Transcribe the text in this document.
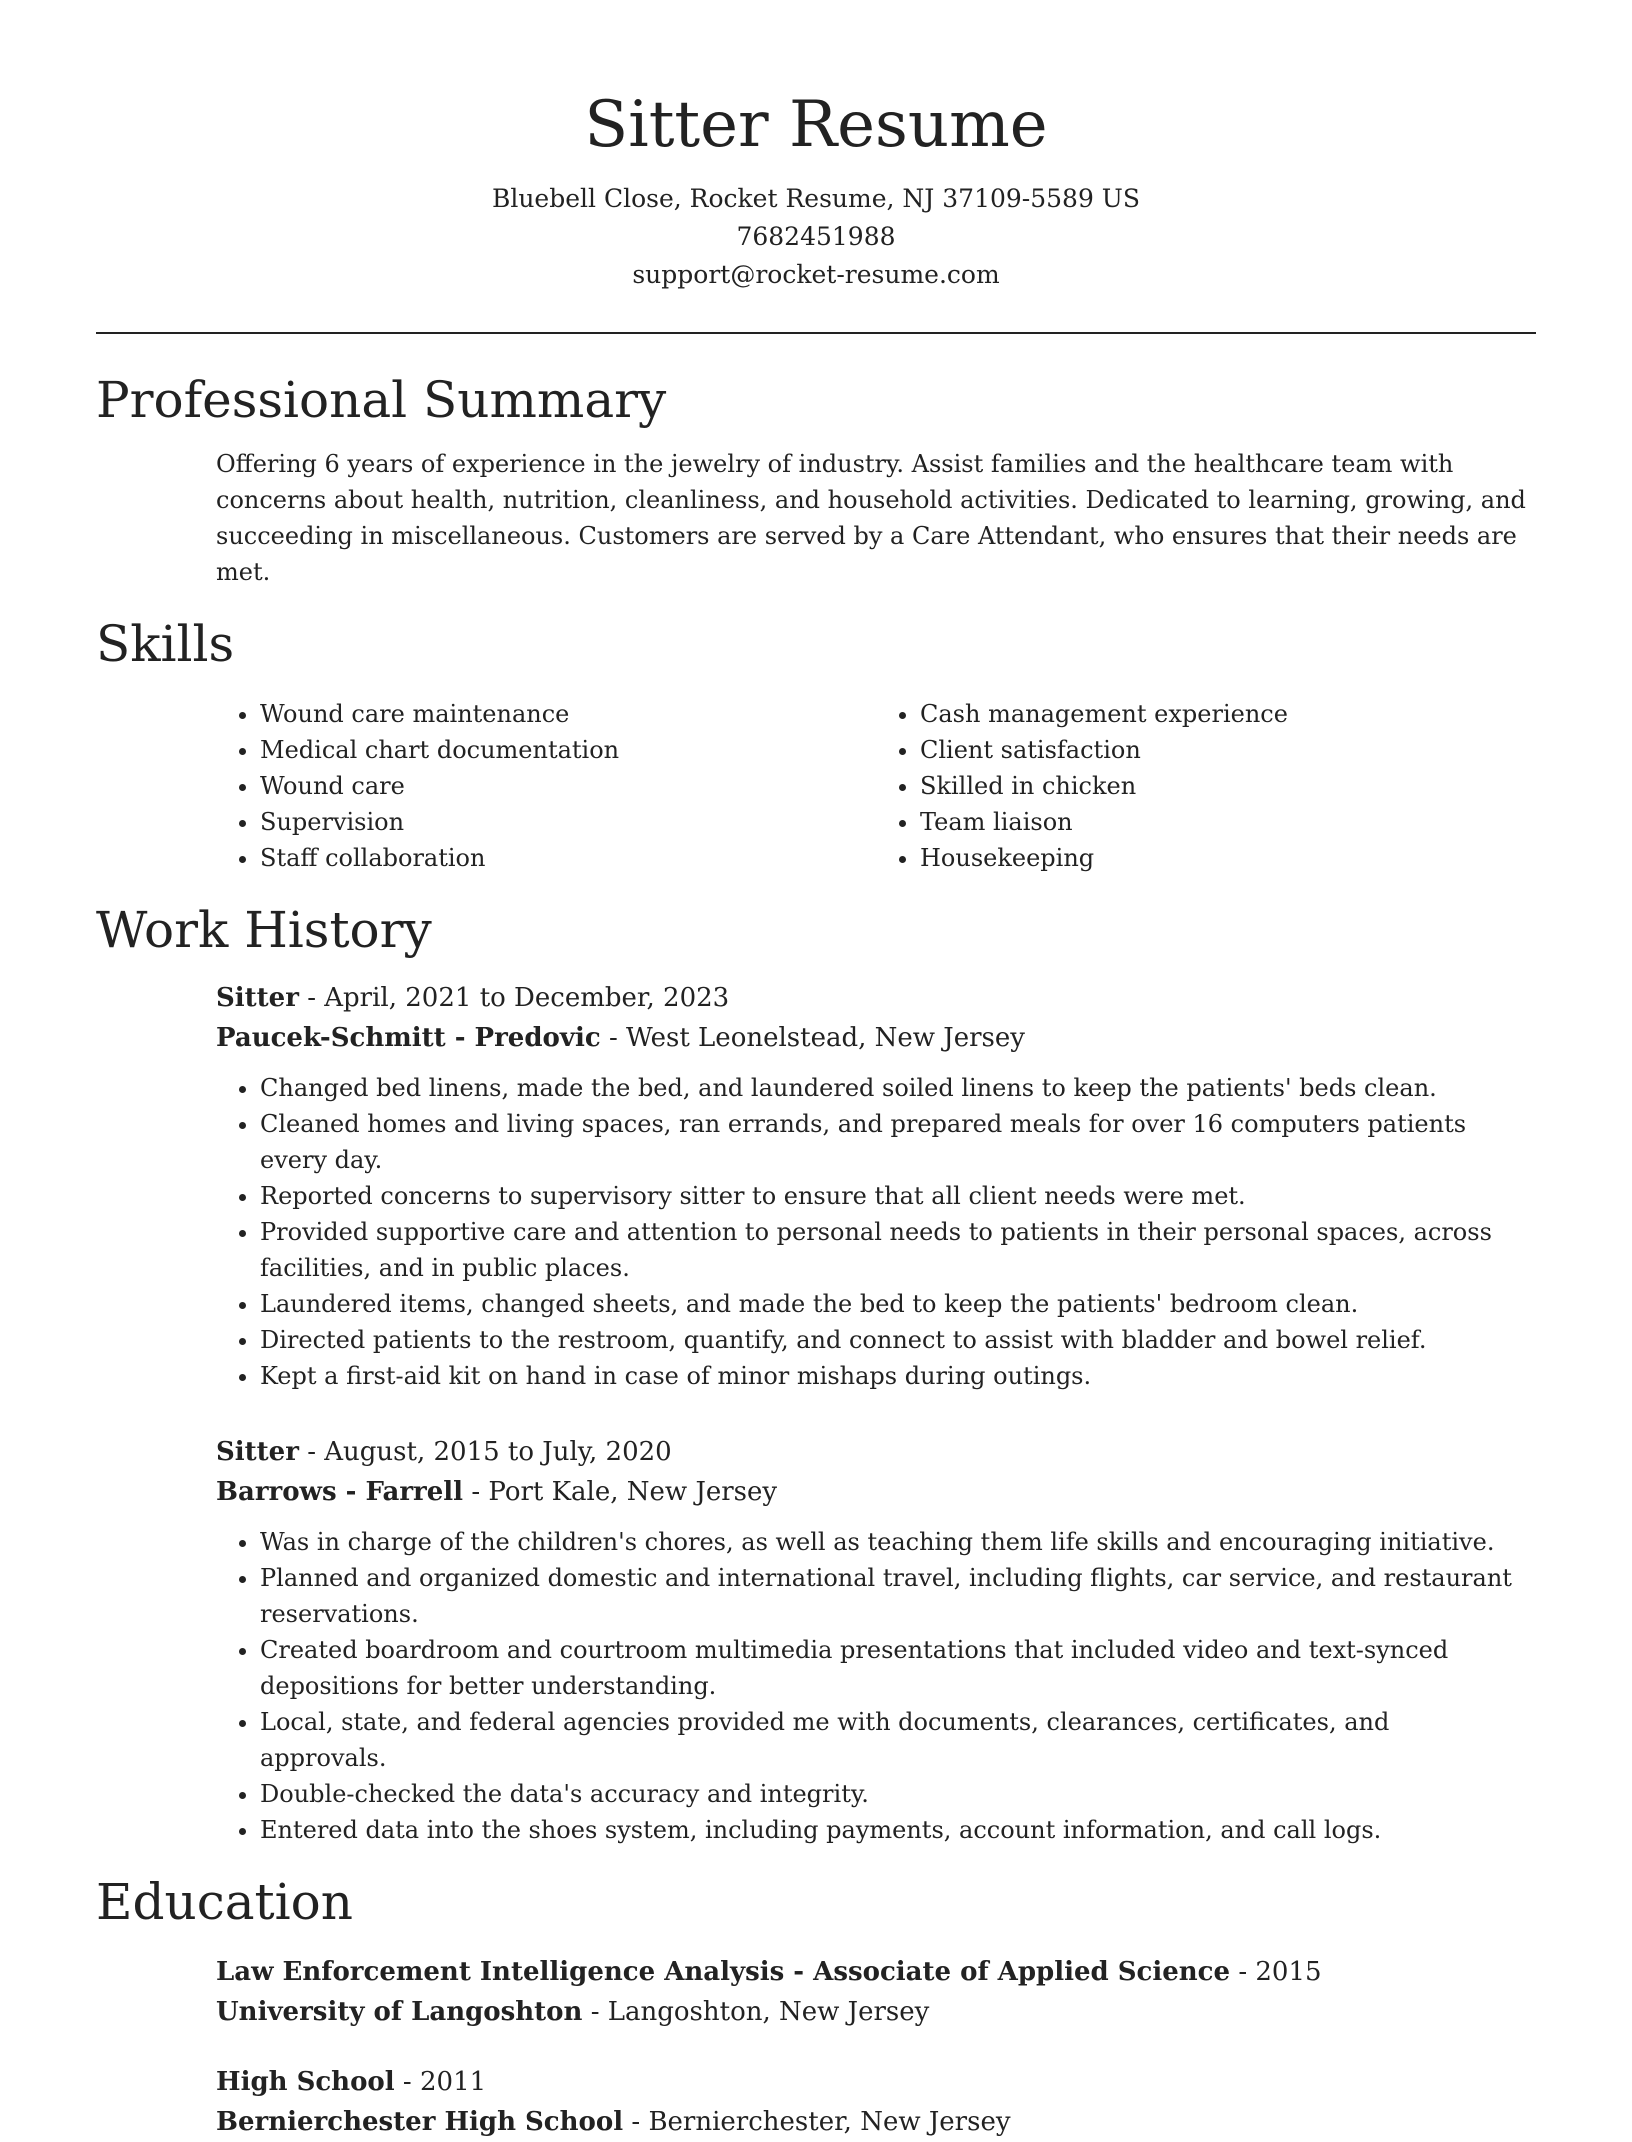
Sitter Resume
Bluebell Close, Rocket Resume, NJ 37109-5589 US
7682451988
support@rocket-resume.com
Professional Summary

Offering 6 years of experience in the jewelry of industry. Assist families and the healthcare team with concerns about health, nutrition, cleanliness, and household activities. Dedicated to learning, growing, and succeeding in miscellaneous. Customers are served by a Care Attendant, who ensures that their needs are met.

Skills
• Wound care maintenance
• Medical chart documentation
• Wound care
• Supervision
• Staff collaboration
• Cash management experience
• Client satisfaction
• Skilled in chicken
• Team liaison
• Housekeeping
Work History
Sitter - April, 2021 to December, 2023
Paucek-Schmitt - Predovic - West Leonelstead, New Jersey
• Changed bed linens, made the bed, and laundered soiled linens to keep the patients' beds clean.
• Cleaned homes and living spaces, ran errands, and prepared meals for over 16 computers patients every day.
• Reported concerns to supervisory sitter to ensure that all client needs were met.
• Provided supportive care and attention to personal needs to patients in their personal spaces, across facilities, and in public places.
• Laundered items, changed sheets, and made the bed to keep the patients' bedroom clean.
• Directed patients to the restroom, quantify, and connect to assist with bladder and bowel relief.
• Kept a first-aid kit on hand in case of minor mishaps during outings.
Sitter - August, 2015 to July, 2020
Barrows - Farrell - Port Kale, New Jersey
• Was in charge of the children's chores, as well as teaching them life skills and encouraging initiative.
• Planned and organized domestic and international travel, including flights, car service, and restaurant reservations.
• Created boardroom and courtroom multimedia presentations that included video and text-synced depositions for better understanding.
• Local, state, and federal agencies provided me with documents, clearances, certificates, and approvals.
• Double-checked the data's accuracy and integrity.
• Entered data into the shoes system, including payments, account information, and call logs.
Education
Law Enforcement Intelligence Analysis - Associate of Applied Science - 2015
University of Langoshton - Langoshton, New Jersey
High School - 2011
Bernierchester High School - Bernierchester, New Jersey
